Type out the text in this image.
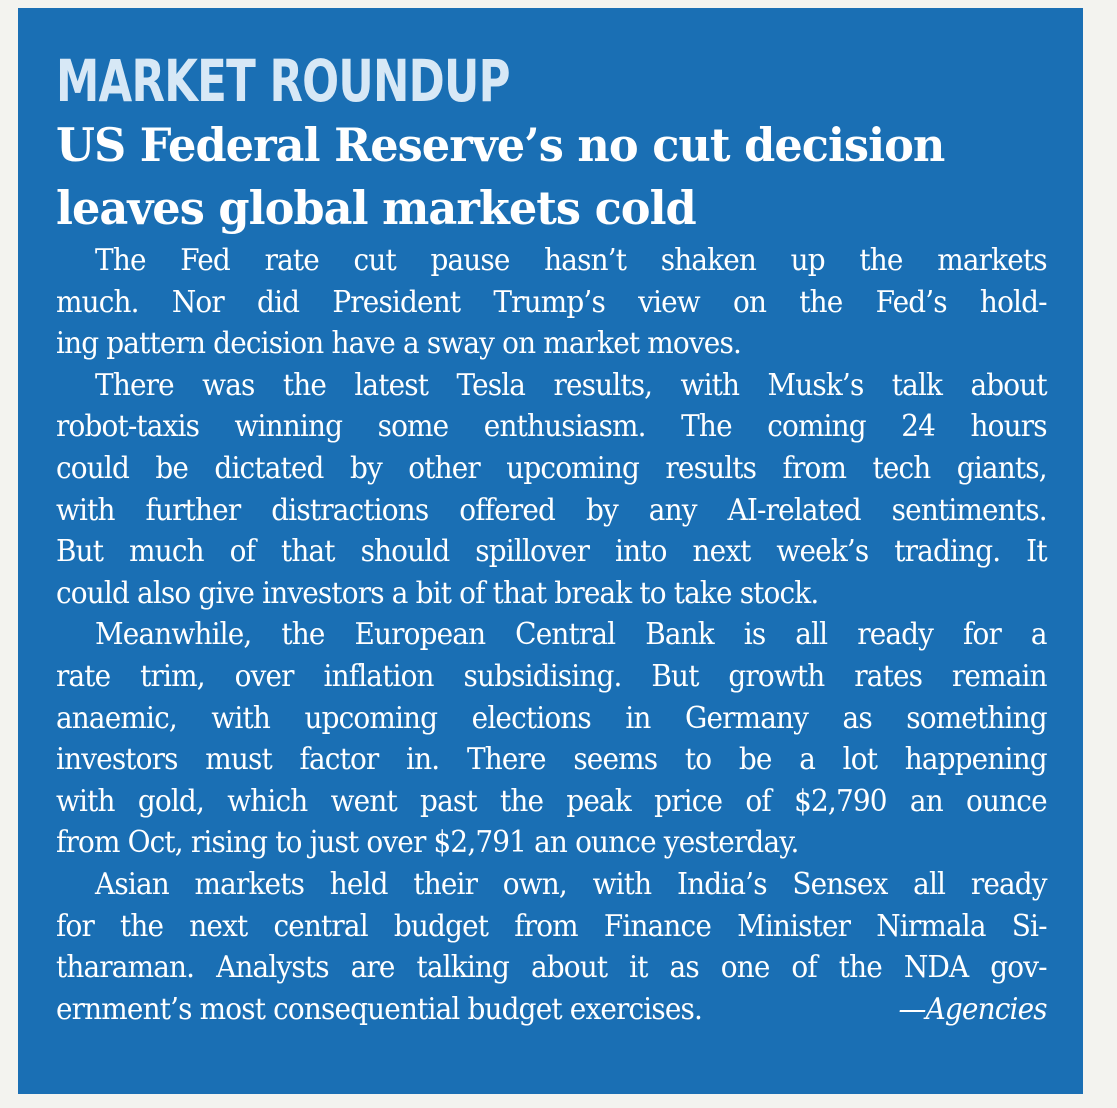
MARKET ROUNDUP
US Federal Reserve’s no cut decision
leaves global markets cold

The Fed rate cut pause hasn’t shaken up the markets
much. Nor did President Trump’s view on the Fed’s hold-
ing pattern decision have a sway on market moves.

There was the latest Tesla results, with Musk’s talk about
robot-taxis winning some enthusiasm. The coming 24 hours
could be dictated by other upcoming results from tech giants,
with further distractions offered by any AI-related sentiments.
But much of that should spillover into next week’s trading. It
could also give investors a bit of that break to take stock.

Meanwhile, the European Central Bank is all ready for a
rate trim, over inflation subsidising. But growth rates remain
anaemic, with upcoming elections in Germany as something
investors must factor in. There seems to be a lot happening
with gold, which went past the peak price of $2,790 an ounce
from Oct, rising to just over $2,791 an ounce yesterday.

Asian markets held their own, with India’s Sensex all ready
for the next central budget from Finance Minister Nirmala Si-
tharaman. Analysts are talking about it as one of the NDA gov-
ernment’s most consequential budget exercises.	—Agencies
